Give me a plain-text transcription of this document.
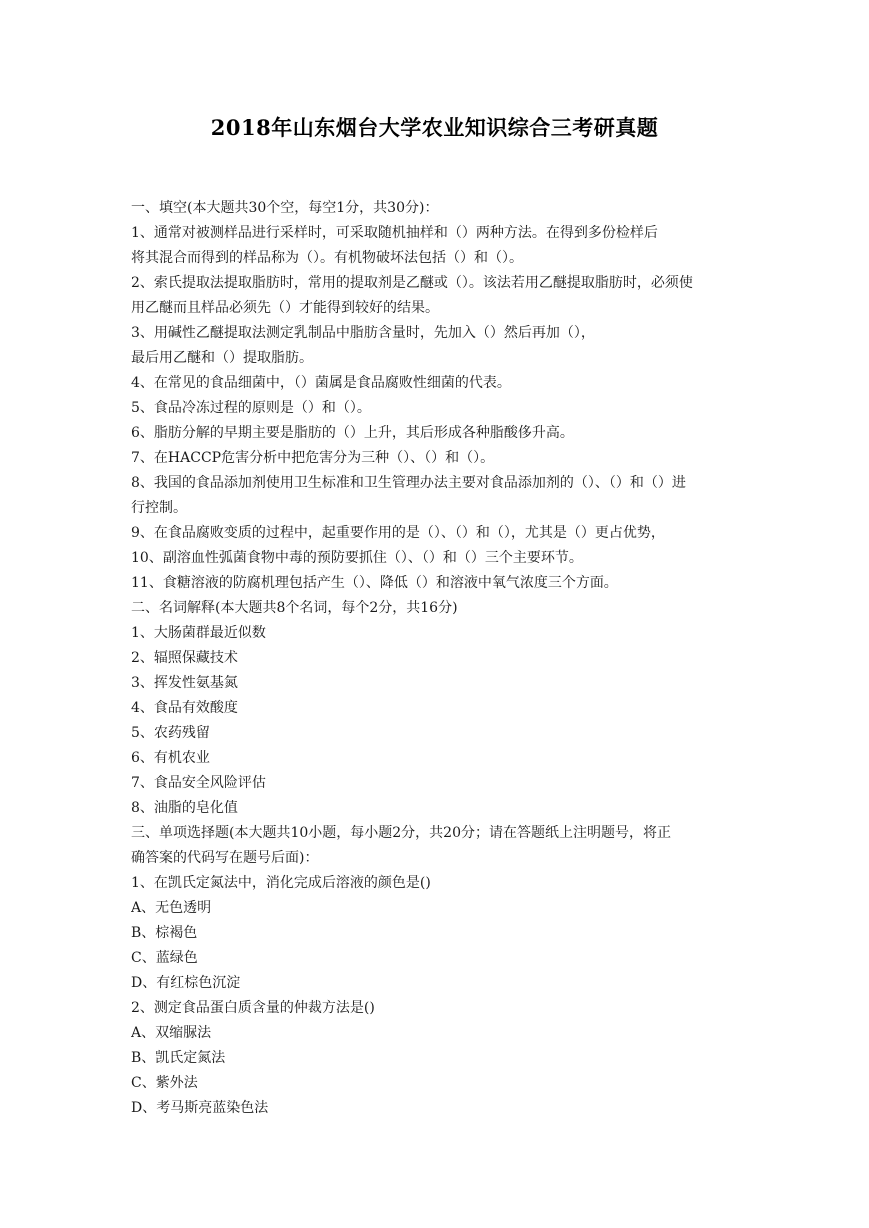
2018年山东烟台大学农业知识综合三考研真题
一、填空(本大题共30个空，每空1分，共30分)：
1、通常对被测样品进行采样时，可采取随机抽样和（）两种方法。在得到多份检样后
将其混合而得到的样品称为（）。有机物破坏法包括（）和（）。
2、索氏提取法提取脂肪时，常用的提取剂是乙醚或（）。该法若用乙醚提取脂肪时，必须使
用乙醚而且样品必须先（）才能得到较好的结果。
3、用碱性乙醚提取法测定乳制品中脂肪含量时，先加入（）然后再加（），
最后用乙醚和（）提取脂肪。
4、在常见的食品细菌中，（）菌属是食品腐败性细菌的代表。
5、食品冷冻过程的原则是（）和（）。
6、脂肪分解的早期主要是脂肪的（）上升，其后形成各种脂酸侈升高。
7、在HACCP危害分析中把危害分为三种（）、（）和（）。
8、我国的食品添加剂使用卫生标准和卫生管理办法主要对食品添加剂的（）、（）和（）进
行控制。
9、在食品腐败变质的过程中，起重要作用的是（）、（）和（），尤其是（）更占优势，
10、副溶血性弧菌食物中毒的预防要抓住（）、（）和（）三个主要环节。
11、食糖溶液的防腐机理包括产生（）、降低（）和溶液中氧气浓度三个方面。
二、名词解释(本大题共8个名词，每个2分，共16分)
1、大肠菌群最近似数
2、辐照保藏技术
3、挥发性氨基氮
4、食品有效酸度
5、农药残留
6、有机农业
7、食品安全风险评估
8、油脂的皂化值
三、单项选择题(本大题共10小题，每小题2分，共20分；请在答题纸上注明题号，将正
确答案的代码写在题号后面)：
1、在凯氏定氮法中，消化完成后溶液的颜色是()
A、无色透明
B、棕褐色
C、蓝绿色
D、有红棕色沉淀
2、测定食品蛋白质含量的仲裁方法是()
A、双缩脲法
B、凯氏定氮法
C、紫外法
D、考马斯亮蓝染色法
